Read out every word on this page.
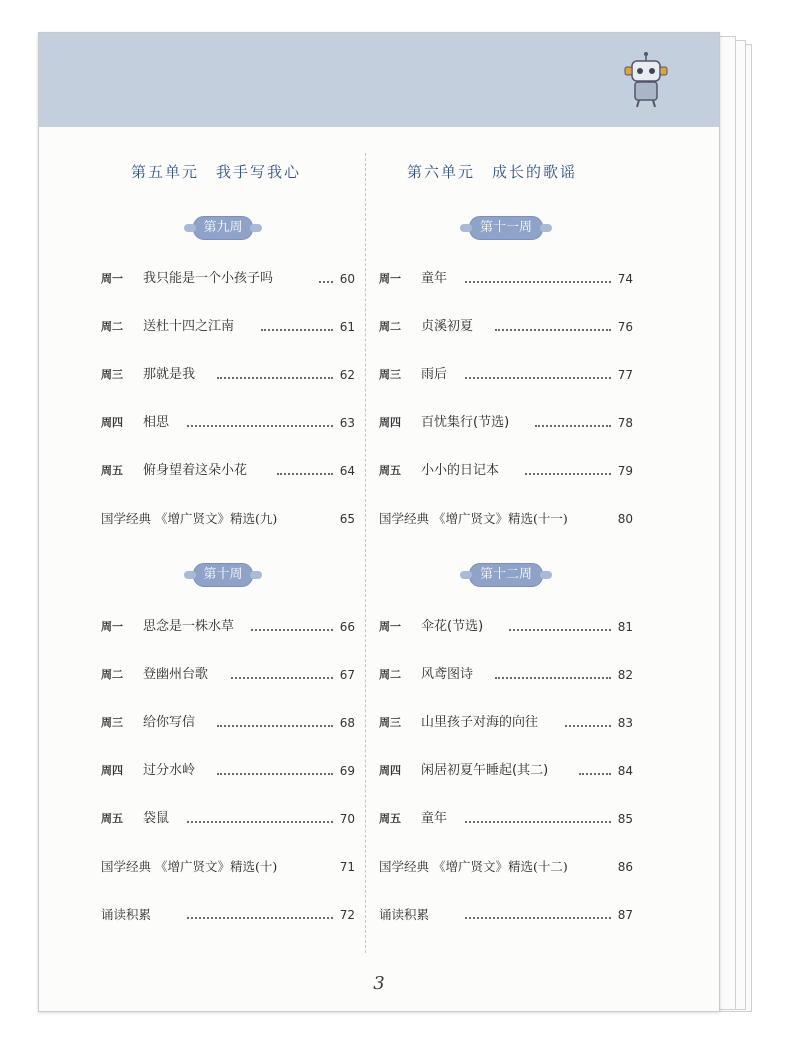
第五单元　我手写我心
第九周
周一 我只能是一个小孩子吗	60
周二 送杜十四之江南	61
周三 那就是我	62
周四 相思	63
周五 俯身望着这朵小花	64
国学经典 《增广贤文》精选(九)	65
第十周
周一 思念是一株水草	66
周二 登幽州台歌	67
周三 给你写信	68
周四 过分水岭	69
周五 袋鼠	70
国学经典 《增广贤文》精选(十)	71
诵读积累	72
第六单元　成长的歌谣
第十一周
周一 童年	74
周二 贞溪初夏	76
周三 雨后	77
周四 百忧集行(节选)	78
周五 小小的日记本	79
国学经典 《增广贤文》精选(十一)	80
第十二周
周一 伞花(节选)	81
周二 风鸢图诗	82
周三 山里孩子对海的向往	83
周四 闲居初夏午睡起(其二)	84
周五 童年	85
国学经典 《增广贤文》精选(十二)	86
诵读积累	87
3
